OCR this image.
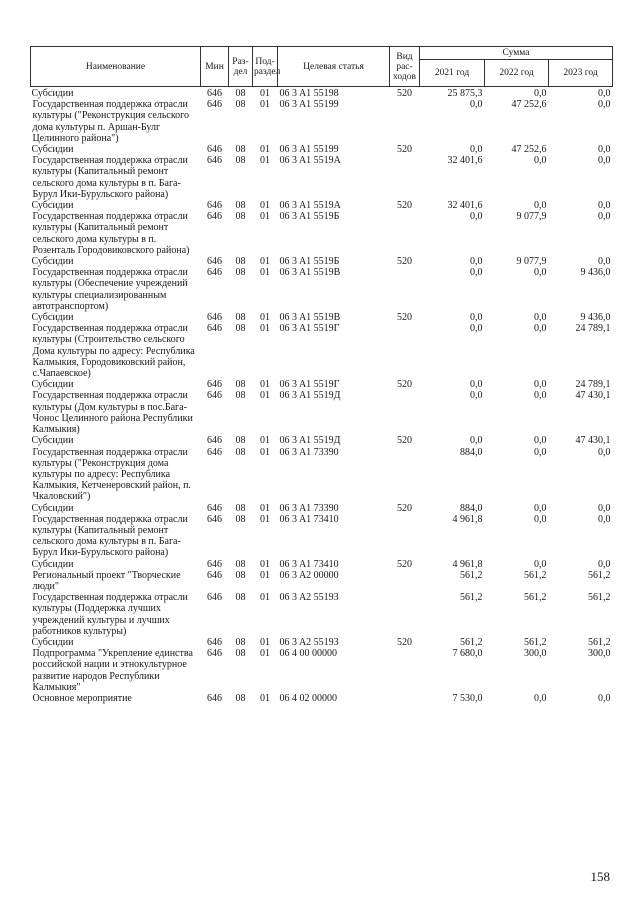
Наименование	Мин	Раз-дел	Под-раздел	Целевая статья	Вид рас-ходов	Сумма		
						2021 год	2022 год	2023 год
Субсидии	646	08	01	06 3 A1 55198	520	25 875,3	0,0	0,0
Государственная поддержка отрасли культуры ("Реконструкция сельского дома культуры п. Аршан-Булг Целинного района")	646	08	01	06 3 A1 55199		0,0	47 252,6	0,0
Субсидии	646	08	01	06 3 A1 55199	520	0,0	47 252,6	0,0
Государственная поддержка отрасли культуры (Капитальный ремонт сельского дома культуры в п. Бага-Бурул Ики-Бурульского района)	646	08	01	06 3 A1 5519A		32 401,6	0,0	0,0
Субсидии	646	08	01	06 3 A1 5519A	520	32 401,6	0,0	0,0
Государственная поддержка отрасли культуры (Капитальный ремонт сельского дома культуры в п. Розенталь Городовиковского района)	646	08	01	06 3 A1 5519Б		0,0	9 077,9	0,0
Субсидии	646	08	01	06 3 A1 5519Б	520	0,0	9 077,9	0,0
Государственная поддержка отрасли культуры (Обеспечение учреждений культуры специализированным автотранспортом)	646	08	01	06 3 A1 5519В		0,0	0,0	9 436,0
Субсидии	646	08	01	06 3 A1 5519В	520	0,0	0,0	9 436,0
Государственная поддержка отрасли культуры (Строительство сельского Дома культуры по адресу: Республика Калмыкия, Городовиковский район, с.Чапаевское)	646	08	01	06 3 A1 5519Г		0,0	0,0	24 789,1
Субсидии	646	08	01	06 3 A1 5519Г	520	0,0	0,0	24 789,1
Государственная поддержка отрасли культуры (Дом культуры в пос.Бага-Чонос Целинного района Республики Калмыкия)	646	08	01	06 3 A1 5519Д		0,0	0,0	47 430,1
Субсидии	646	08	01	06 3 A1 5519Д	520	0,0	0,0	47 430,1
Государственная поддержка отрасли культуры ("Реконструкция дома культуры по адресу: Республика Калмыкия, Кетченеровский район, п. Чкаловский")	646	08	01	06 3 A1 73390		884,0	0,0	0,0
Субсидии	646	08	01	06 3 A1 73390	520	884,0	0,0	0,0
Государственная поддержка отрасли культуры (Капитальный ремонт сельского дома культуры в п. Бага-Бурул Ики-Бурульского района)	646	08	01	06 3 A1 73410		4 961,8	0,0	0,0
Субсидии	646	08	01	06 3 A1 73410	520	4 961,8	0,0	0,0
Региональный проект "Творческие люди"	646	08	01	06 3 A2 00000		561,2	561,2	561,2
Государственная поддержка отрасли культуры (Поддержка лучших учреждений культуры и лучших работников культуры)	646	08	01	06 3 A2 55193		561,2	561,2	561,2
Субсидии	646	08	01	06 3 A2 55193	520	561,2	561,2	561,2
Подпрограмма "Укрепление единства российской нации и этнокультурное развитие народов Республики Калмыкия"	646	08	01	06 4 00 00000		7 680,0	300,0	300,0
Основное мероприятие	646	08	01	06 4 02 00000		7 530,0	0,0	0,0
158
